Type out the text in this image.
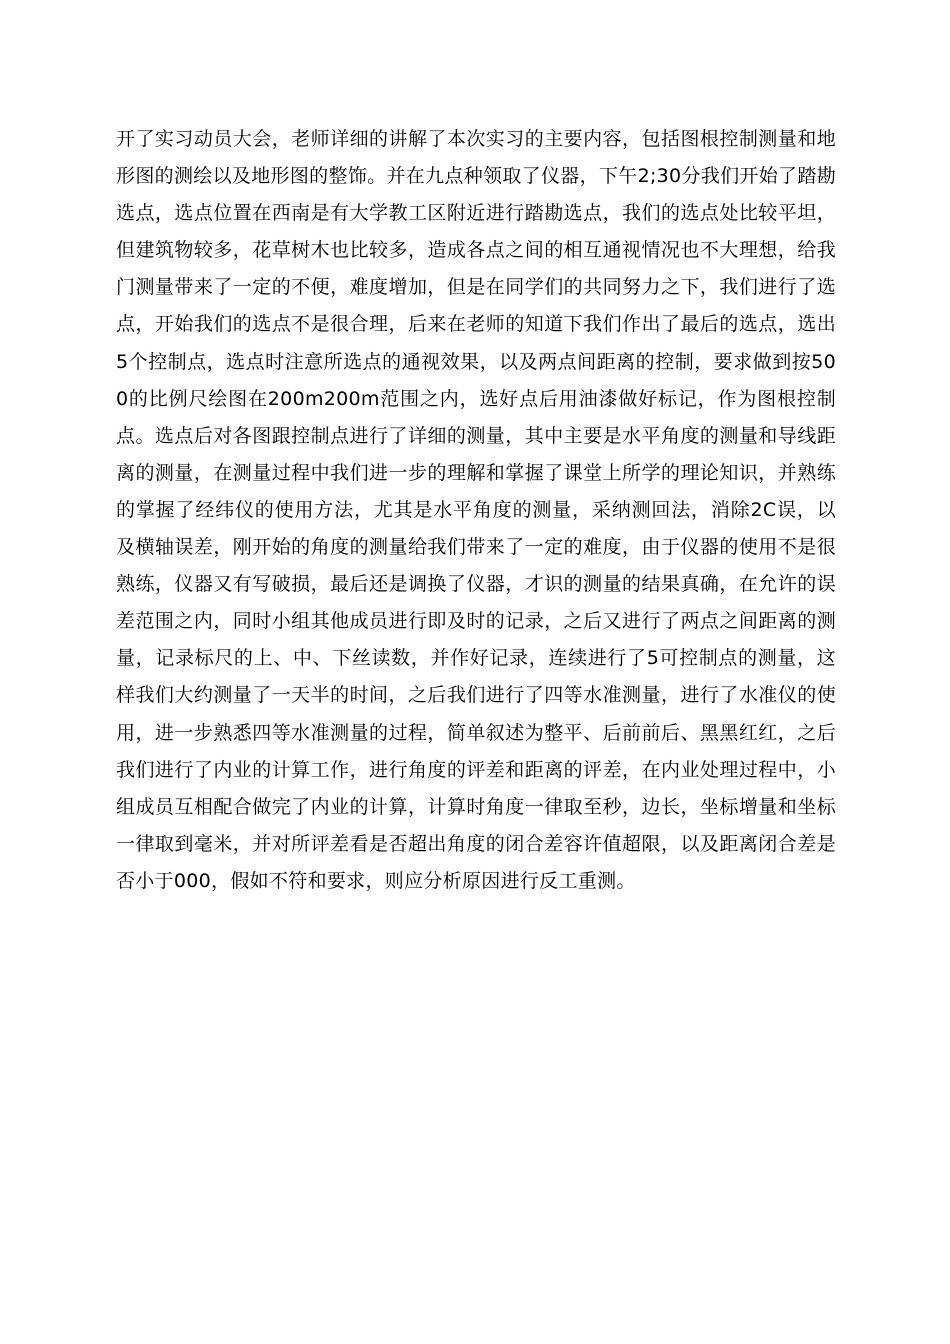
开了实习动员大会，老师详细的讲解了本次实习的主要内容，包括图根控制测量和地形图的测绘以及地形图的整饰。并在九点种领取了仪器，下午2;30分我们开始了踏勘选点，选点位置在西南是有大学教工区附近进行踏勘选点，我们的选点处比较平坦，但建筑物较多，花草树木也比较多，造成各点之间的相互通视情况也不大理想，给我门测量带来了一定的不便，难度增加，但是在同学们的共同努力之下，我们进行了选点，开始我们的选点不是很合理，后来在老师的知道下我们作出了最后的选点，选出5个控制点，选点时注意所选点的通视效果，以及两点间距离的控制，要求做到按500的比例尺绘图在200m200m范围之内，选好点后用油漆做好标记，作为图根控制点。选点后对各图跟控制点进行了详细的测量，其中主要是水平角度的测量和导线距离的测量，在测量过程中我们进一步的理解和掌握了课堂上所学的理论知识，并熟练的掌握了经纬仪的使用方法，尤其是水平角度的测量，采纳测回法，消除2C误，以及横轴误差，刚开始的角度的测量给我们带来了一定的难度，由于仪器的使用不是很熟练，仪器又有写破损，最后还是调换了仪器，才识的测量的结果真确，在允许的误差范围之内，同时小组其他成员进行即及时的记录，之后又进行了两点之间距离的测量，记录标尺的上、中、下丝读数，并作好记录，连续进行了5可控制点的测量，这样我们大约测量了一天半的时间，之后我们进行了四等水准测量，进行了水准仪的使用，进一步熟悉四等水准测量的过程，简单叙述为整平、后前前后、黑黑红红，之后我们进行了内业的计算工作，进行角度的评差和距离的评差，在内业处理过程中，小组成员互相配合做完了内业的计算，计算时角度一律取至秒，边长，坐标增量和坐标一律取到毫米，并对所评差看是否超出角度的闭合差容许值超限，以及距离闭合差是否小于000，假如不符和要求，则应分析原因进行反工重测。
